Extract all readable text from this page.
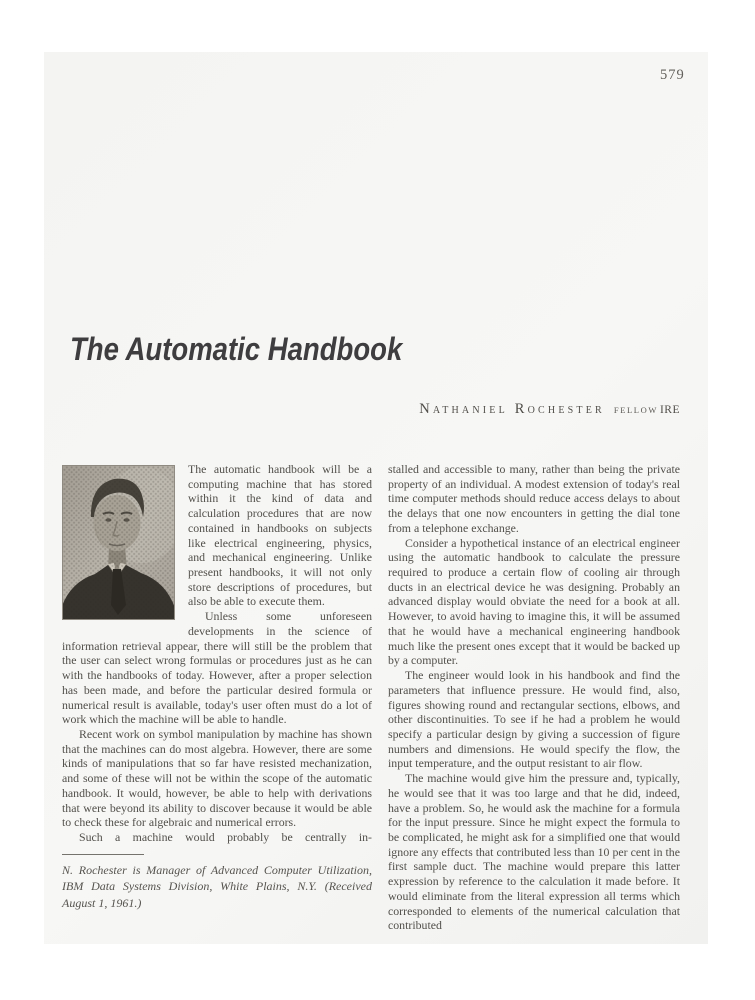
579
The Automatic Handbook
Nathaniel Rochester FELLOW IRE

The automatic handbook will be a computing machine that has stored within it the kind of data and calculation procedures that are now contained in handbooks on subjects like electrical engineering, physics, and mechanical engineering. Unlike present handbooks, it will not only store descriptions of procedures, but also be able to execute them.

Unless some unforeseen developments in the science of information retrieval appear, there will still be the problem that the user can select wrong formulas or procedures just as he can with the handbooks of today. However, after a proper selection has been made, and before the particular desired formula or numerical result is available, today's user often must do a lot of work which the machine will be able to handle.

Recent work on symbol manipulation by machine has shown that the machines can do most algebra. However, there are some kinds of manipulations that so far have resisted mechanization, and some of these will not be within the scope of the automatic handbook. It would, however, be able to help with derivations that were beyond its ability to discover because it would be able to check these for algebraic and numerical errors.

Such a machine would probably be centrally in-

N. Rochester is Manager of Advanced Computer Utilization, IBM Data Systems Division, White Plains, N.Y. (Received August 1, 1961.)

stalled and accessible to many, rather than being the private property of an individual. A modest extension of today's real time computer methods should reduce access delays to about the delays that one now encounters in getting the dial tone from a telephone exchange.

Consider a hypothetical instance of an electrical engineer using the automatic handbook to calculate the pressure required to produce a certain flow of cooling air through ducts in an electrical device he was designing. Probably an advanced display would obviate the need for a book at all. However, to avoid having to imagine this, it will be assumed that he would have a mechanical engineering handbook much like the present ones except that it would be backed up by a computer.

The engineer would look in his handbook and find the parameters that influence pressure. He would find, also, figures showing round and rectangular sections, elbows, and other discontinuities. To see if he had a problem he would specify a particular design by giving a succession of figure numbers and dimensions. He would specify the flow, the input temperature, and the output resistant to air flow.

The machine would give him the pressure and, typically, he would see that it was too large and that he did, indeed, have a problem. So, he would ask the machine for a formula for the input pressure. Since he might expect the formula to be complicated, he might ask for a simplified one that would ignore any effects that contributed less than 10 per cent in the first sample duct. The machine would prepare this latter expression by reference to the calculation it made before. It would eliminate from the literal expression all terms which corresponded to elements of the numerical calculation that contributed
